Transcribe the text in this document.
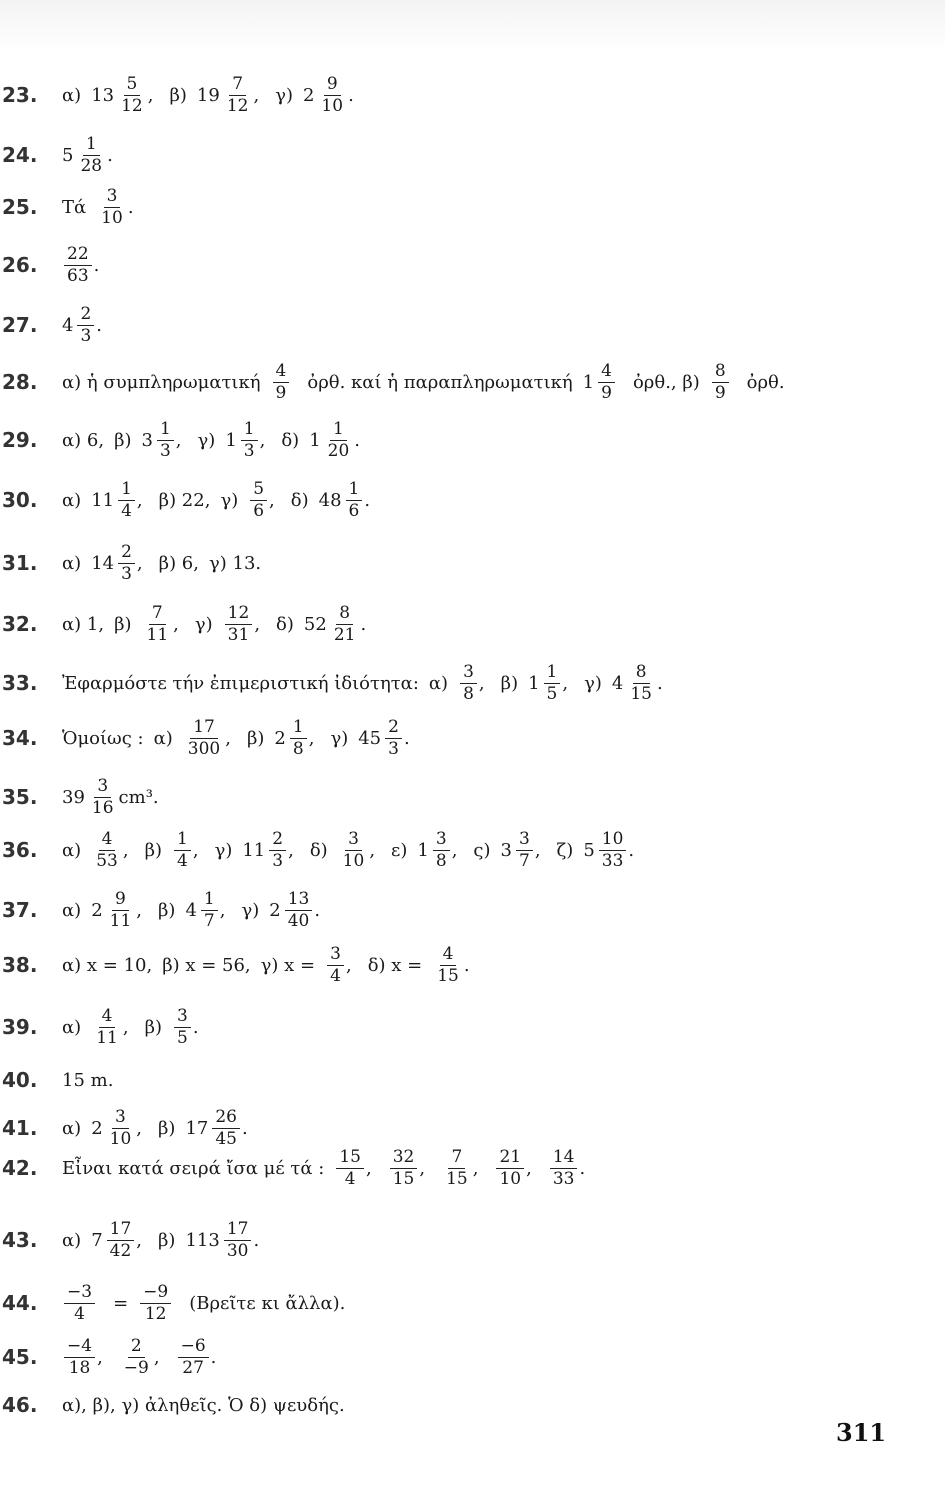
23. α) $13 \frac{5}{12}$ , β) $19 \frac{7}{12}$ , γ) $2 \frac{9}{10}$ .
24. $5 \frac{1}{28}$ .
25. Τά $\frac{3}{10}$ .
26. $\frac{22}{63}$ .
27. $4 \frac{2}{3}$ .
28. α) ἡ συμπληρωματική $\frac{4}{9}$ ὀρθ. καί ἡ παραπληρωματική $1 \frac{4}{9}$ ὀρθ., $\beta) \frac{8}{9}$ ὀρθ.
29. α) 6, β) $3 \frac{1}{3}$ , γ) $1 \frac{1}{3}$ , δ) $1 \frac{1}{20}$ .
30. α) $11 \frac{1}{4}$ , β) 22, $\gamma) \frac{5}{6}$ , δ) $48 \frac{1}{6}$ .
31. α) $14 \frac{2}{3}$ , β) 6, γ) 13.
32. α) 1, $\beta) \frac{7}{11}$ , $\gamma) \frac{12}{31}$ , δ) $52 \frac{8}{21}$ .
33. Ἐφαρμόστε τήν ἐπιμεριστική ἰδιότητα: $\alpha) \frac{3}{8}$ , β) $1 \frac{1}{5}$ , γ) $4 \frac{8}{15}$ .
34. Ὁμοίως : $\alpha) \frac{17}{300}$ , β) $2 \frac{1}{8}$ , γ) $45 \frac{2}{3}$ .
35. $39 \frac{3}{16} cm^3$.
36. $\alpha) \frac{4}{53}$ , $\beta) \frac{1}{4}$ , γ) $11 \frac{2}{3}$ , $\delta) \frac{3}{10}$ , ε) $1 \frac{3}{8}$ , ς) $3 \frac{3}{7}$ , ζ) $5 \frac{10}{33}$ .
37. α) $2 \frac{9}{11}$ , β) $4 \frac{1}{7}$ , γ) $2 \frac{13}{40}$ .
38. α) x = 10, β) x = 56, γ) $x = \frac{3}{4}$ , δ) $x = \frac{4}{15}$ .
39. $\alpha) \frac{4}{11}$ , $\beta) \frac{3}{5}$ .
40. 15 m.
41. α) $2 \frac{3}{10}$ , β) $17 \frac{26}{45}$ .
42. Εἶναι κατά σειρά ἴσα μέ τά : $\frac{15}{4}$ , $\frac{32}{15}$ , $\frac{7}{15}$ , $\frac{21}{10}$ , $\frac{14}{33}$ .
43. α) $7 \frac{17}{42}$ , β) $113 \frac{17}{30}$ .
44. $\frac{-3}{4} = \frac{-9}{12}$ (Βρεῖτε κι ἄλλα).
45. $\frac{-4}{18}$ , $\frac{2}{-9}$ , $\frac{-6}{27}$ .
46. α), β), γ) ἀληθεῖς. Ὁ δ) ψευδής.
311
